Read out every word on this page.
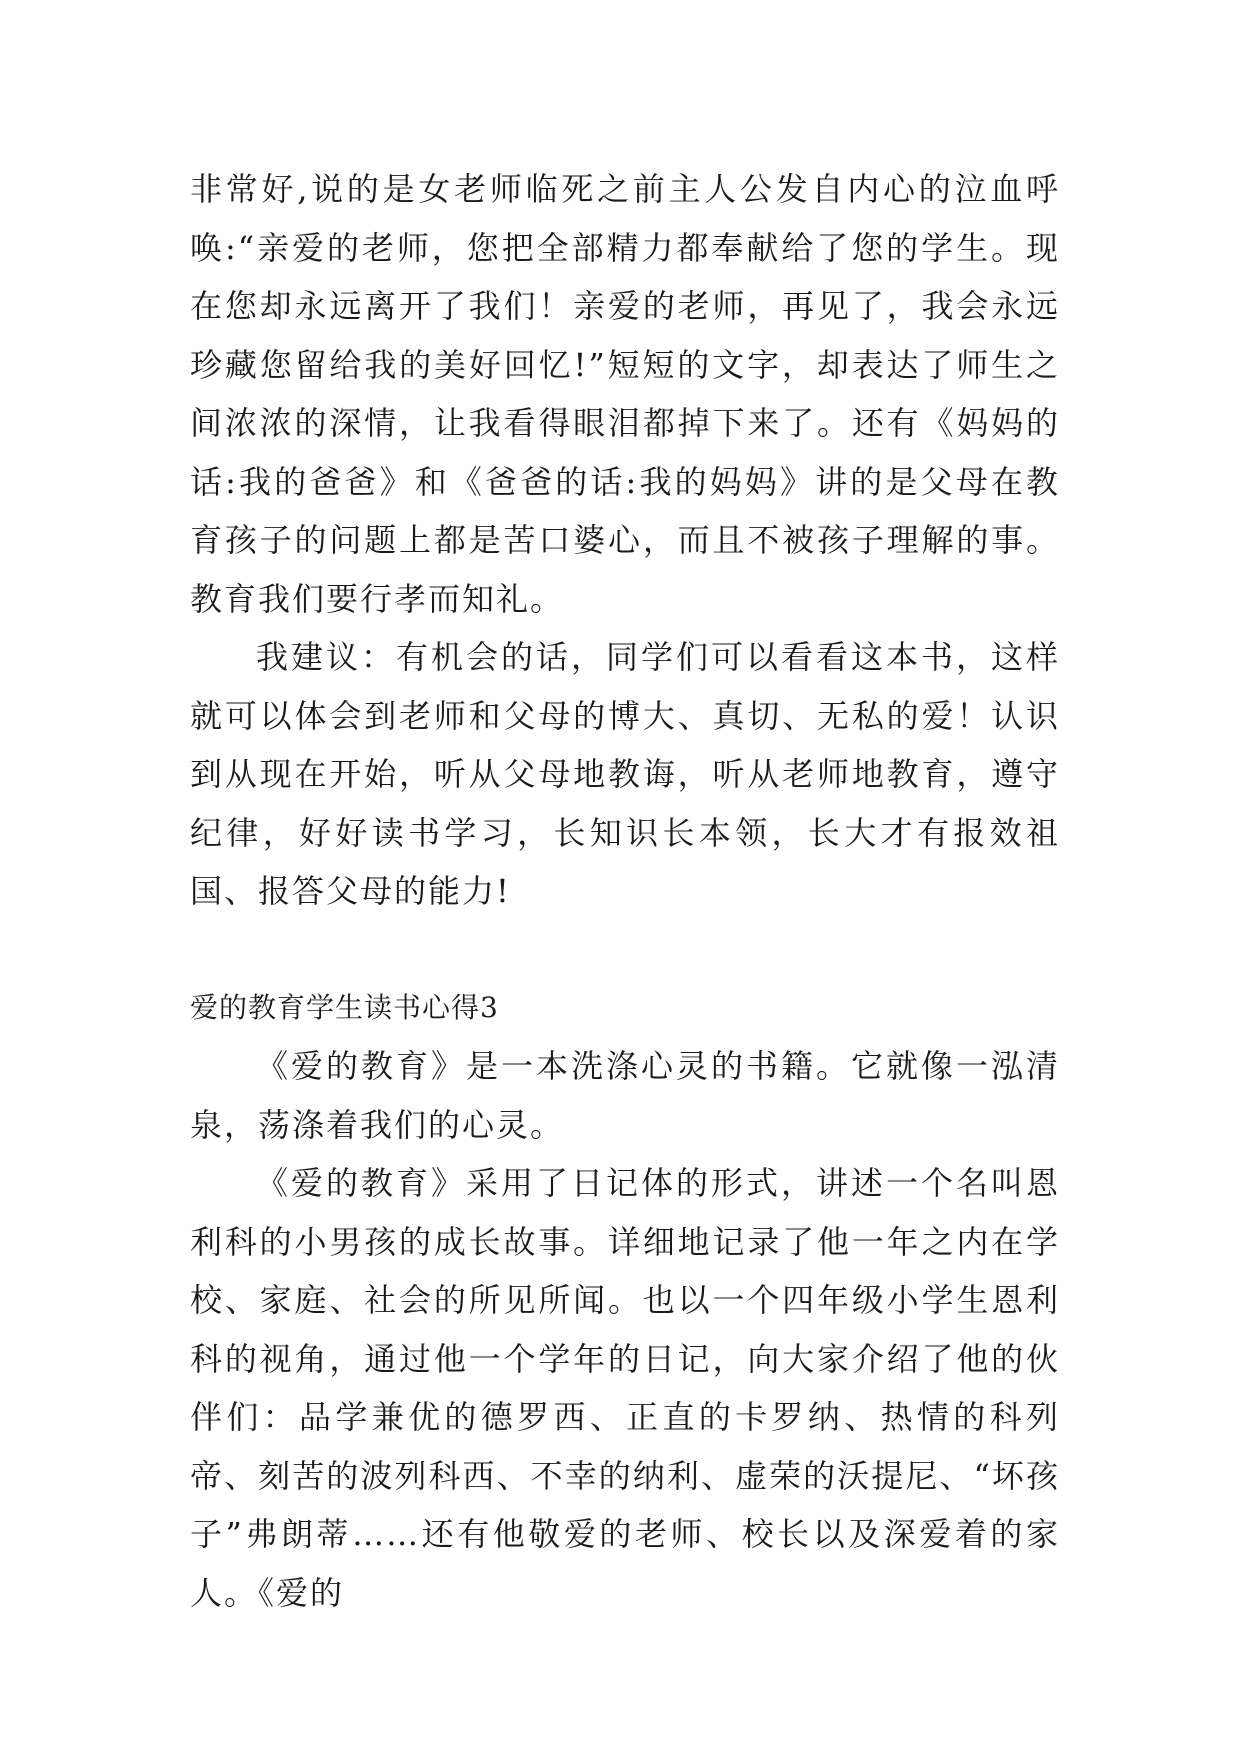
非常好,说的是女老师临死之前主人公发自内心的泣血呼唤:“亲爱的老师，您把全部精力都奉献给了您的学生。现在您却永远离开了我们！亲爱的老师，再见了，我会永远珍藏您留给我的美好回忆!”短短的文字，却表达了师生之间浓浓的深情，让我看得眼泪都掉下来了。还有《妈妈的话:我的爸爸》和《爸爸的话:我的妈妈》讲的是父母在教育孩子的问题上都是苦口婆心，而且不被孩子理解的事。教育我们要行孝而知礼。

我建议：有机会的话，同学们可以看看这本书，这样就可以体会到老师和父母的博大、真切、无私的爱！认识到从现在开始，听从父母地教诲，听从老师地教育，遵守纪律，好好读书学习，长知识长本领，长大才有报效祖国、报答父母的能力!

爱的教育学生读书心得3

《爱的教育》是一本洗涤心灵的书籍。它就像一泓清泉，荡涤着我们的心灵。

《爱的教育》采用了日记体的形式，讲述一个名叫恩利科的小男孩的成长故事。详细地记录了他一年之内在学校、家庭、社会的所见所闻。也以一个四年级小学生恩利科的视角，通过他一个学年的日记，向大家介绍了他的伙伴们：品学兼优的德罗西、正直的卡罗纳、热情的科列帝、刻苦的波列科西、不幸的纳利、虚荣的沃提尼、“坏孩子”弗朗蒂……还有他敬爱的老师、校长以及深爱着的家人。《爱的
